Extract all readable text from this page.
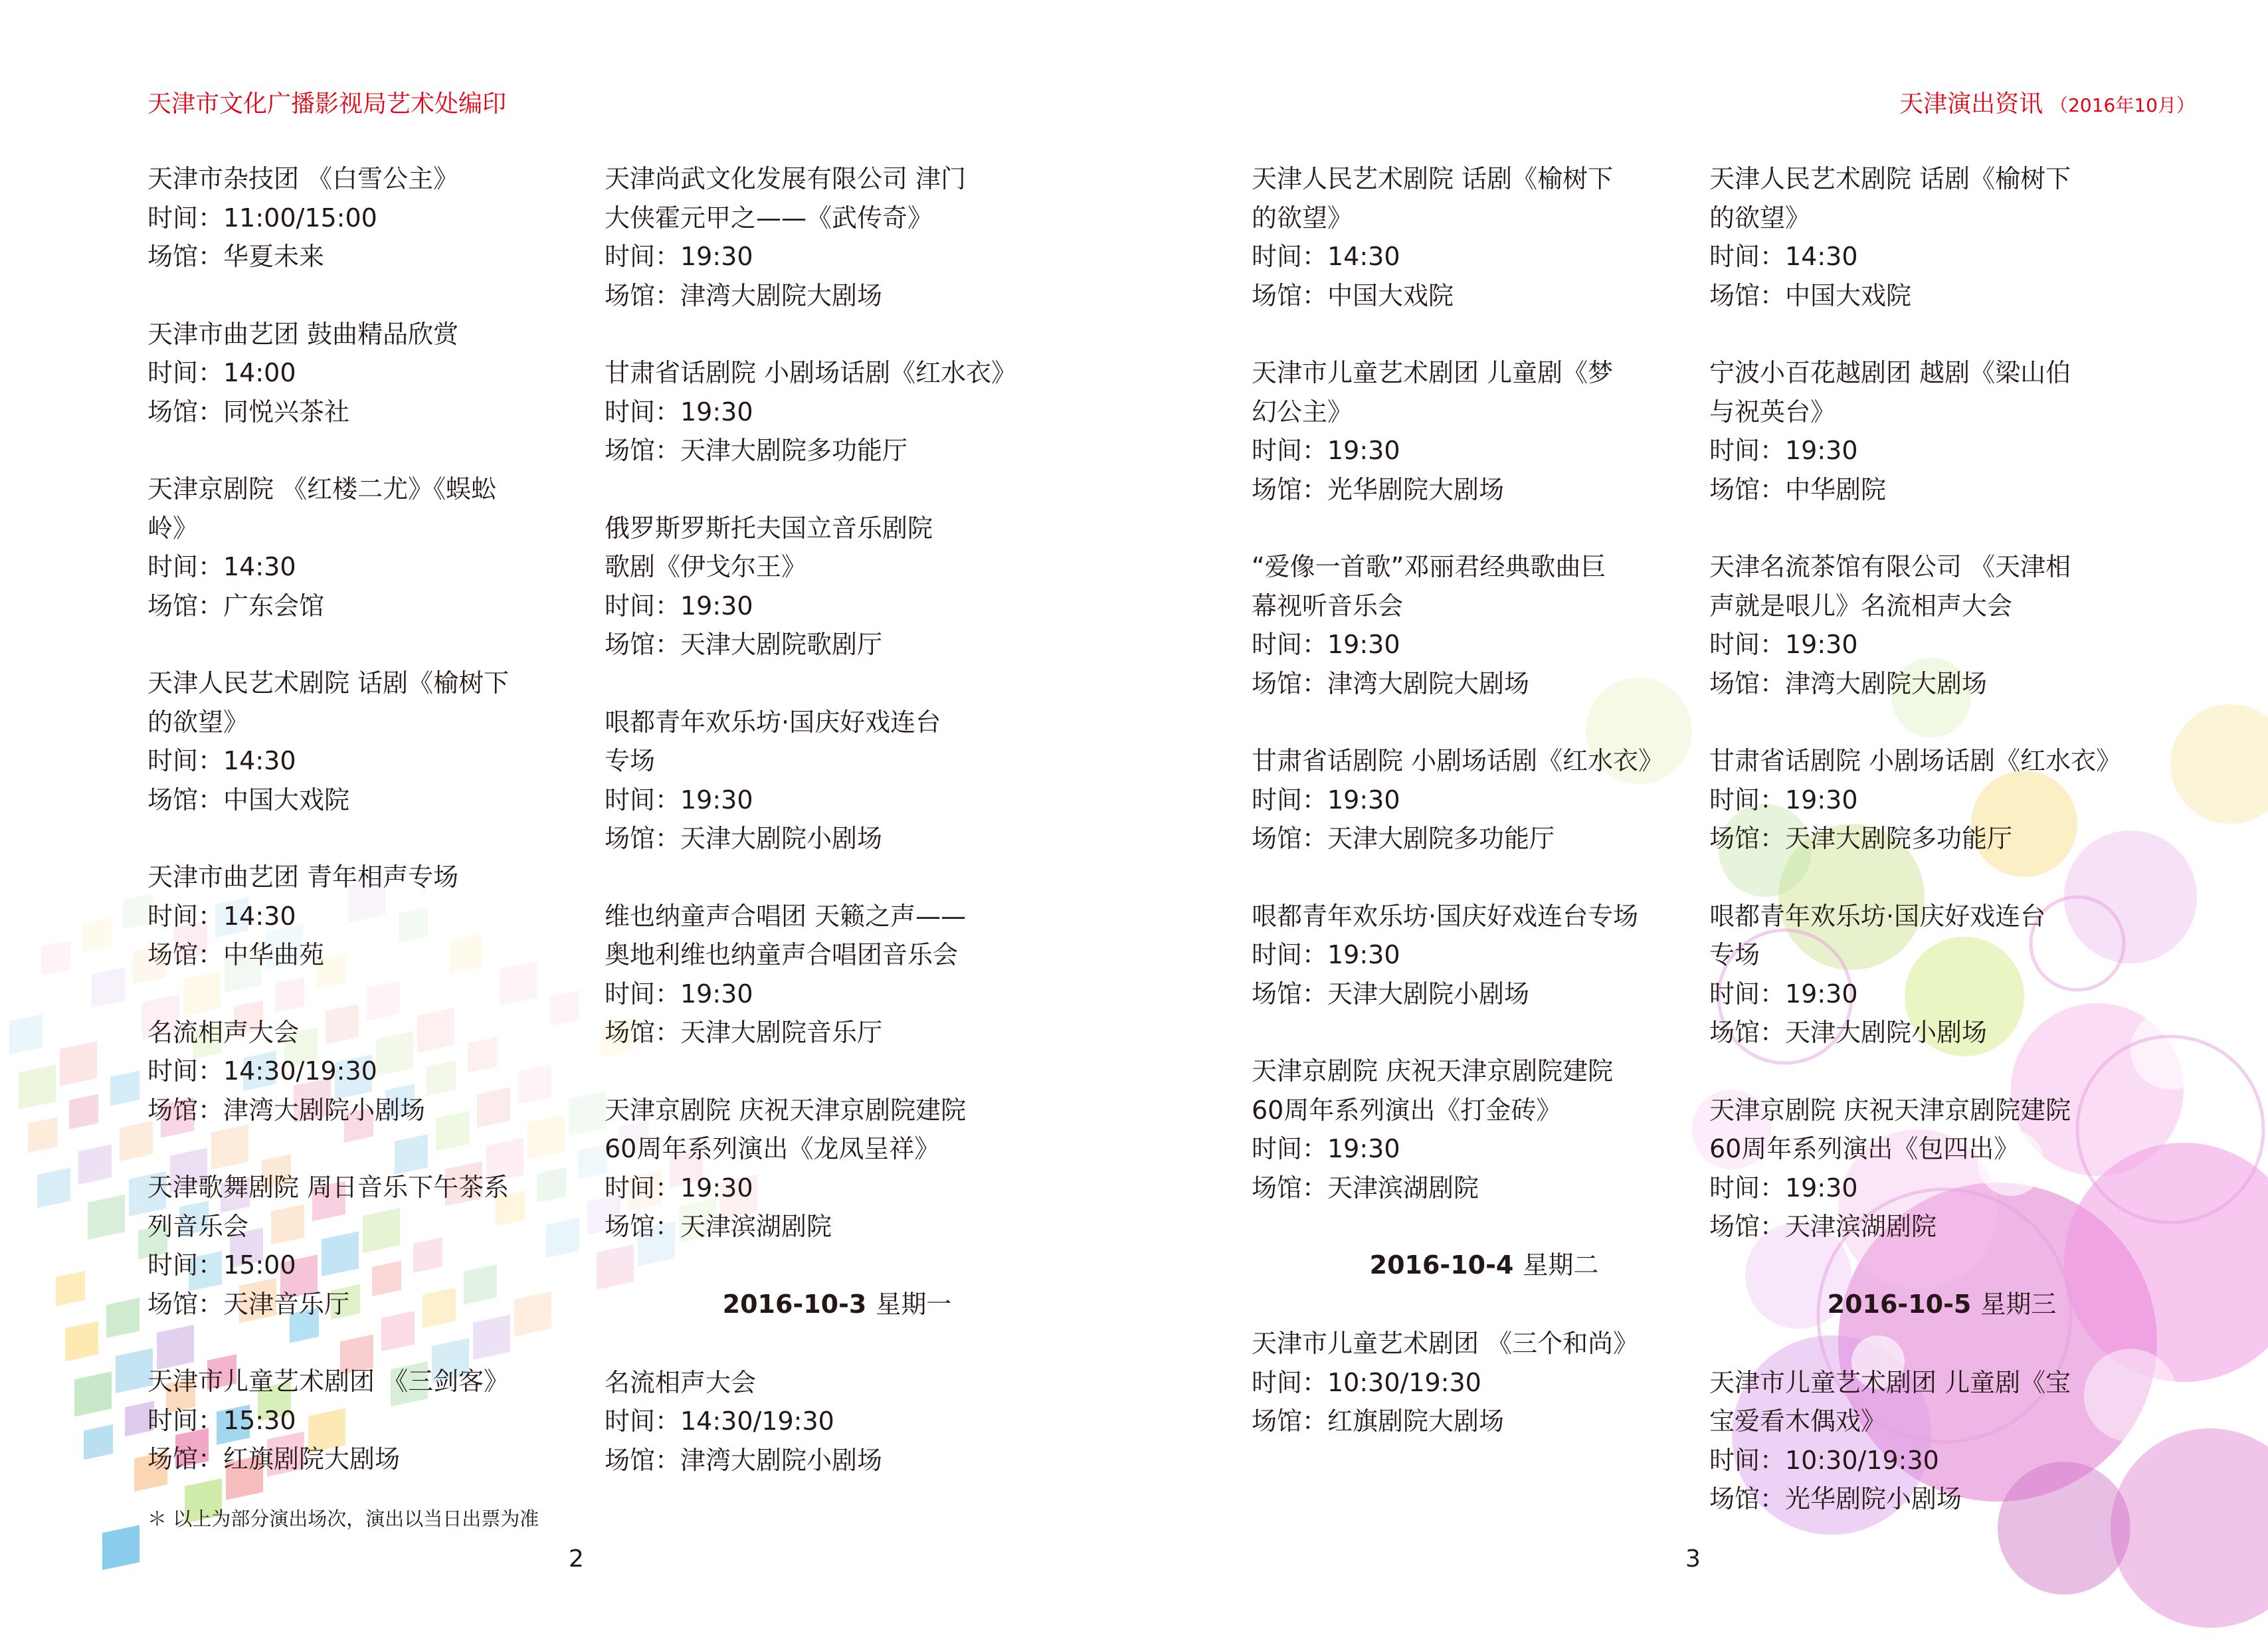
天津市文化广播影视局艺术处编印
天津市杂技团 《白雪公主》
时间：11:00/15:00
场馆：华夏未来
天津市曲艺团 鼓曲精品欣赏
时间：14:00
场馆：同悦兴茶社
天津京剧院 《红楼二尤》《蜈蚣
岭》
时间：14:30
场馆：广东会馆
天津人民艺术剧院 话剧《榆树下
的欲望》
时间：14:30
场馆：中国大戏院
天津市曲艺团 青年相声专场
时间：14:30
场馆：中华曲苑
名流相声大会
时间：14:30/19:30
场馆：津湾大剧院小剧场
天津歌舞剧院 周日音乐下午茶系
列音乐会
时间：15:00
场馆：天津音乐厅
天津市儿童艺术剧团 《三剑客》
时间：15:30
场馆：红旗剧院大剧场
天津尚武文化发展有限公司 津门
大侠霍元甲之——《武传奇》
时间：19:30
场馆：津湾大剧院大剧场
甘肃省话剧院 小剧场话剧《红水衣》
时间：19:30
场馆：天津大剧院多功能厅
俄罗斯罗斯托夫国立音乐剧院
歌剧《伊戈尔王》
时间：19:30
场馆：天津大剧院歌剧厅
哏都青年欢乐坊·国庆好戏连台
专场
时间：19:30
场馆：天津大剧院小剧场
维也纳童声合唱团 天籁之声——
奥地利维也纳童声合唱团音乐会
时间：19:30
场馆：天津大剧院音乐厅
天津京剧院 庆祝天津京剧院建院
60周年系列演出《龙凤呈祥》
时间：19:30
场馆：天津滨湖剧院
2016-10-3 星期一
名流相声大会
时间：14:30/19:30
场馆：津湾大剧院小剧场
＊ 以上为部分演出场次，演出以当日出票为准
2
天津演出资讯 （2016年10月）
天津人民艺术剧院 话剧《榆树下
的欲望》
时间：14:30
场馆：中国大戏院
天津市儿童艺术剧团 儿童剧《梦
幻公主》
时间：19:30
场馆：光华剧院大剧场
“爱像一首歌”邓丽君经典歌曲巨
幕视听音乐会
时间：19:30
场馆：津湾大剧院大剧场
甘肃省话剧院 小剧场话剧《红水衣》
时间：19:30
场馆：天津大剧院多功能厅
哏都青年欢乐坊·国庆好戏连台专场
时间：19:30
场馆：天津大剧院小剧场
天津京剧院 庆祝天津京剧院建院
60周年系列演出《打金砖》
时间：19:30
场馆：天津滨湖剧院
2016-10-4 星期二
天津市儿童艺术剧团 《三个和尚》
时间：10:30/19:30
场馆：红旗剧院大剧场
天津人民艺术剧院 话剧《榆树下
的欲望》
时间：14:30
场馆：中国大戏院
宁波小百花越剧团 越剧《梁山伯
与祝英台》
时间：19:30
场馆：中华剧院
天津名流茶馆有限公司 《天津相
声就是哏儿》名流相声大会
时间：19:30
场馆：津湾大剧院大剧场
甘肃省话剧院 小剧场话剧《红水衣》
时间：19:30
场馆：天津大剧院多功能厅
哏都青年欢乐坊·国庆好戏连台
专场
时间：19:30
场馆：天津大剧院小剧场
天津京剧院 庆祝天津京剧院建院
60周年系列演出《包四出》
时间：19:30
场馆：天津滨湖剧院
2016-10-5 星期三
天津市儿童艺术剧团 儿童剧《宝
宝爱看木偶戏》
时间：10:30/19:30
场馆：光华剧院小剧场
3
